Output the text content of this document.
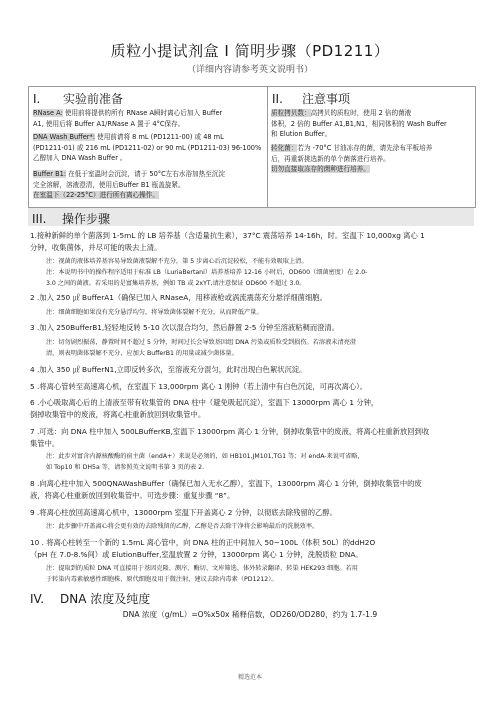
质粒小提试剂盒 I 简明步骤（PD1211）
（详细内容请参考英文说明书）
I. 实验前准备
RNase A: 使用前将提供的所有 RNase A瞬时离心后加入 Buffer
A1, 使用后将 Buffer A1/RNase A 置于 4°C保存。
DNA Wash Buffer*: 使用前请将 8 mL (PD1211-00) 或 48 mL
(PD1211-01) 或 216 mL (PD1211-02) or 90 mL (PD1211-03) 96-100%
乙醇加入 DNA Wash Buffer 。
Buffer B1: 在低于室温时会沉淀，请于 50°C左右水浴加热至沉淀
完全溶解，溶液澄清，使用后Buffer B1 瓶盖旋紧。
在室温下（22-25°C）进行所有离心操作。
II. 注意事项
质粒拷贝数：高拷贝的质粒时，使用 2 倍的菌液
体积，2 倍的 Buffer A1,B1,N1，相同体积的 Wash Buffer
和 Elution Buffer。
转化菌：若为 -70°C 甘油冻存的菌，请先涂布平板培养
后，再重新挑选新的单个菌落进行培养。
切勿直接取冻存的菌种进行培养。
III. 操作步骤
1.接种新鲜的单个菌落到 1-5mL 的 LB 培养基（含适量抗生素），37°C 震荡培养 14-16h，时。室温下 10,000xg 离心 1
分钟，收集菌体，并尽可能的吸去上清。
注：视菌的液体培养基容易导致菌液裂解不充分，第 5 步离心后沉淀较松，不能有效吸取上清。
注：本说明书中的操作程序适用于标准 LB（LuriaBertani）培养基培养 12-16 小时后，OD600（细菌密度）在 2.0-
3.0 之间的菌液。若采用的是富集培养基，例如 TB 或 2xYT,请注意保证 OD600 不超过 3.0。
2 .加入 250 ㎕ BufferA1（确保已加入 RNaseA，用移液枪或涡流震荡充分悬浮细菌细胞。
注：细菌细胞如果没有充分悬浮均匀，将导致菌体裂解不充分，从而降低产量。
3 .加入 250BufferB1,轻轻地反转 5-10 次以混合均匀，然后静置 2-5 分钟至溶液粘稠而澄清。
注：切勿剧烈振荡，静置时间不超过 5 分钟，时间过长会导致基因组 DNA 污染或质粒受到损伤。若溶液未清亮澄
清，则表明菌体裂解不充分，应加大 BufferB1 的用量或减少菌体量。
4 .加入 350 ㎕ BufferN1,立即反转多次，至溶液充分混匀，此时出现白色絮状沉淀。
5 .将离心管转至高速离心机，在室温下 13,000rpm 离心 1 刚钟（若上清中有白色沉淀，可再次离心）。
6 .小心吸取离心后的上清液至带有收集管的 DNA 柱中（避免吸起沉淀），室温下 13000rpm 离心 1 分钟，
倒掉收集管中的废液，将离心柱重新放回到收集管中。
7 .可选：向 DNA 柱中加入 500LBufferKB,室温下 13000rpm 离心 1 分钟，倒掉收集管中的废液，将离心柱重新放回到收
集管中。
注：此步对富含内源核酸酶的宿主菌（endA+）来说是必须的，如 HB101,JM101,TG1 等；对 endA-来说可省略，
如 Top10 和 DH5a 等，请参照英文说明书第 3 页的表 2.
8 .向离心柱中加入 500QNAWashBuffer（确保已加入无水乙醇），室温下，13000rpm 离心 1 分钟，倒掉收集管中的废
液，将离心柱重新放回到收集管中。可选步骤：重复步骤 “8”。
9 .将离心柱放回高速离心机中，13000rpm 室温下开盖离心 2 分钟，以彻底去除残留的乙醇。
注：此步骤中开盖离心将会更有效的去除残留的乙醇，乙醇是否去除干净将会影响最后的洗脱效率。
10 . 将离心柱转至一个新的 1.5mL 离心管中，向 DNA 柱的正中间加入 50~100L（体积 50L）的ddH2O
（pH 在 7.0-8.%间）或 ElutionBuffer,室温放置 2 分钟，13000rpm 离心 1 分钟，洗脱质粒 DNA。
注：提取到的质粒 DNA 可直接用于基因克隆、测序、酶切、文库筛选、体外转录翻译、转染 HEK293 细胞。若用
于转染内毒素敏感性细胞株，原代细胞及用于微注射，建议去除内毒素（PD1212）。
IV. DNA 浓度及纯度
DNA 浓度（g/mL）=O%x50x 稀释倍数，OD260/OD280，约为 1.7-1.9
精选范本
